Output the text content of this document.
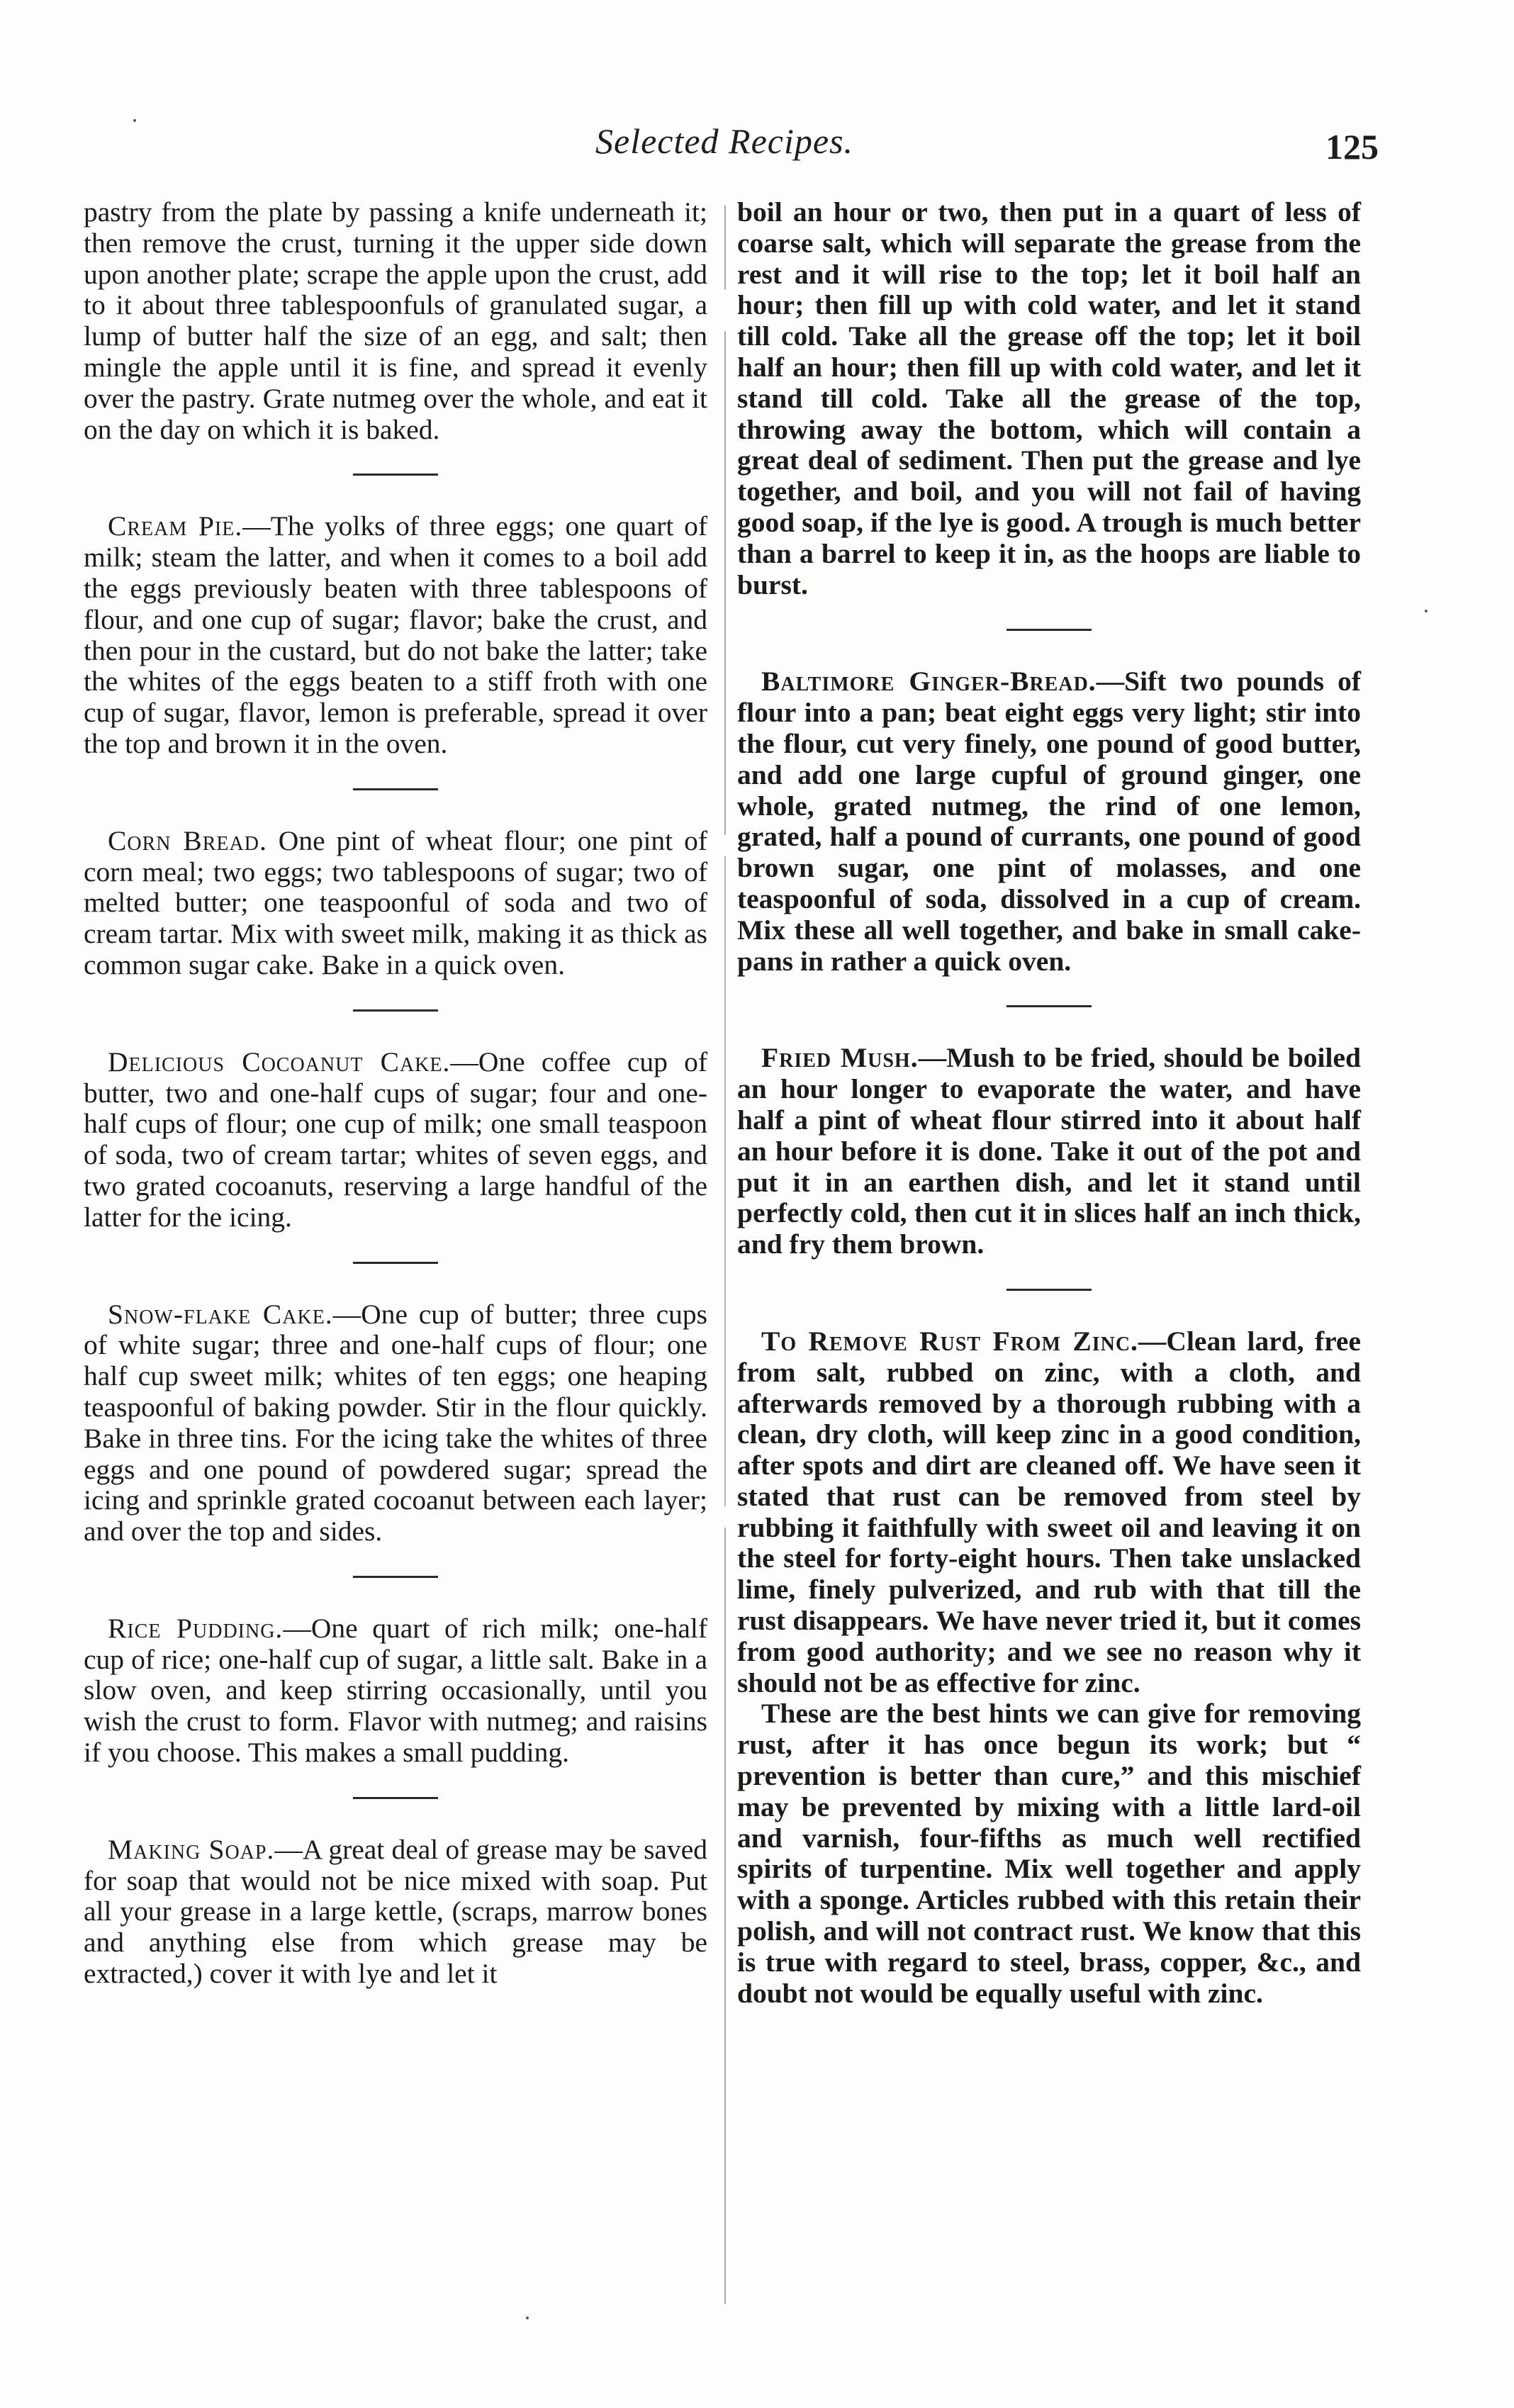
Selected Recipes.	125

pastry from the plate by passing a knife underneath it; then remove the crust, turning it the upper side down upon another plate; scrape the apple upon the crust, add to it about three tablespoonfuls of granulated sugar, a lump of butter half the size of an egg, and salt; then mingle the apple until it is fine, and spread it evenly over the pastry. Grate nutmeg over the whole, and eat it on the day on which it is baked.

Cream Pie.—The yolks of three eggs; one quart of milk; steam the latter, and when it comes to a boil add the eggs previously beaten with three tablespoons of flour, and one cup of sugar; flavor; bake the crust, and then pour in the custard, but do not bake the latter; take the whites of the eggs beaten to a stiff froth with one cup of sugar, flavor, lemon is preferable, spread it over the top and brown it in the oven.

Corn Bread. One pint of wheat flour; one pint of corn meal; two eggs; two tablespoons of sugar; two of melted butter; one teaspoonful of soda and two of cream tartar. Mix with sweet milk, making it as thick as common sugar cake. Bake in a quick oven.

Delicious Cocoanut Cake.—One coffee cup of butter, two and one-half cups of sugar; four and one-half cups of flour; one cup of milk; one small teaspoon of soda, two of cream tartar; whites of seven eggs, and two grated cocoanuts, reserving a large handful of the latter for the icing.

Snow-flake Cake.—One cup of butter; three cups of white sugar; three and one-half cups of flour; one half cup sweet milk; whites of ten eggs; one heaping teaspoonful of baking powder. Stir in the flour quickly. Bake in three tins. For the icing take the whites of three eggs and one pound of powdered sugar; spread the icing and sprinkle grated cocoanut between each layer; and over the top and sides.

Rice Pudding.—One quart of rich milk; one-half cup of rice; one-half cup of sugar, a little salt. Bake in a slow oven, and keep stirring occasionally, until you wish the crust to form. Flavor with nutmeg; and raisins if you choose. This makes a small pudding.

Making Soap.—A great deal of grease may be saved for soap that would not be nice mixed with soap. Put all your grease in a large kettle, (scraps, marrow bones and anything else from which grease may be extracted,) cover it with lye and let it

boil an hour or two, then put in a quart of less of coarse salt, which will separate the grease from the rest and it will rise to the top; let it boil half an hour; then fill up with cold water, and let it stand till cold. Take all the grease off the top; let it boil half an hour; then fill up with cold water, and let it stand till cold. Take all the grease of the top, throwing away the bottom, which will contain a great deal of sediment. Then put the grease and lye together, and boil, and you will not fail of having good soap, if the lye is good. A trough is much better than a barrel to keep it in, as the hoops are liable to burst.

Baltimore Ginger-Bread.—Sift two pounds of flour into a pan; beat eight eggs very light; stir into the flour, cut very finely, one pound of good butter, and add one large cupful of ground ginger, one whole, grated nutmeg, the rind of one lemon, grated, half a pound of currants, one pound of good brown sugar, one pint of molasses, and one teaspoonful of soda, dissolved in a cup of cream. Mix these all well together, and bake in small cake-pans in rather a quick oven.

Fried Mush.—Mush to be fried, should be boiled an hour longer to evaporate the water, and have half a pint of wheat flour stirred into it about half an hour before it is done. Take it out of the pot and put it in an earthen dish, and let it stand until perfectly cold, then cut it in slices half an inch thick, and fry them brown.

To Remove Rust From Zinc.—Clean lard, free from salt, rubbed on zinc, with a cloth, and afterwards removed by a thorough rubbing with a clean, dry cloth, will keep zinc in a good condition, after spots and dirt are cleaned off. We have seen it stated that rust can be removed from steel by rubbing it faithfully with sweet oil and leaving it on the steel for forty-eight hours. Then take unslacked lime, finely pulverized, and rub with that till the rust disappears. We have never tried it, but it comes from good authority; and we see no reason why it should not be as effective for zinc.

These are the best hints we can give for removing rust, after it has once begun its work; but “ prevention is better than cure,” and this mischief may be prevented by mixing with a little lard-oil and varnish, four-fifths as much well rectified spirits of turpentine. Mix well together and apply with a sponge. Articles rubbed with this retain their polish, and will not contract rust. We know that this is true with regard to steel, brass, copper, &c., and doubt not would be equally useful with zinc.
